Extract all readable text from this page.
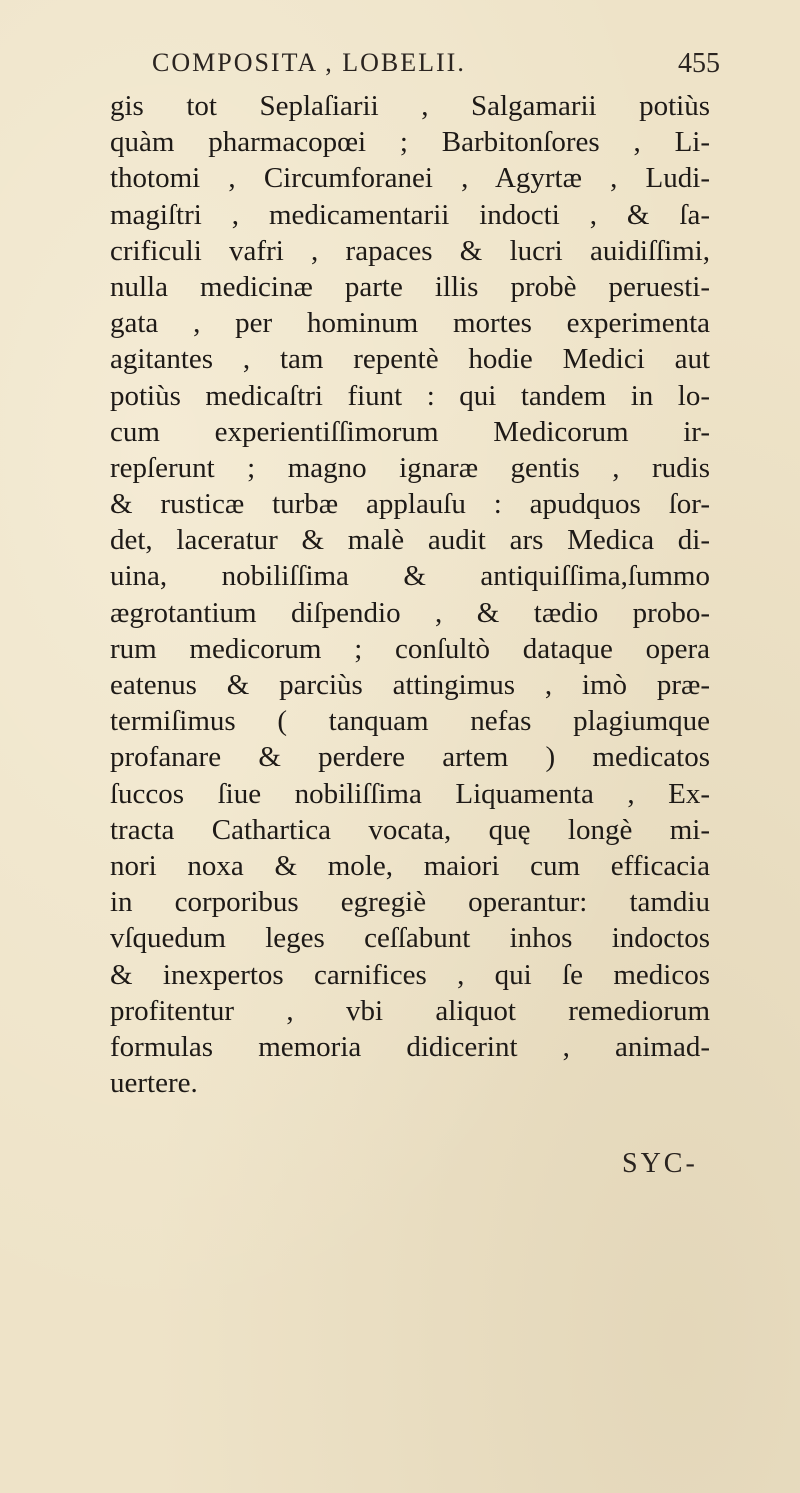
COMPOSITA , LOBELII.	455
gis tot Seplaſiarii , Salgamarii potiùs
quàm pharmacopœi ; Barbitonſores , Li-
thotomi , Circumforanei , Agyrtæ , Ludi-
magiſtri , medicamentarii indocti , & ſa-
crificuli vafri , rapaces & lucri auidiſſimi,
nulla medicinæ parte illis probè peruesti-
gata , per hominum mortes experimenta
agitantes , tam repentè hodie Medici aut
potiùs medicaſtri fiunt : qui tandem in lo-
cum experientiſſimorum Medicorum ir-
repſerunt ; magno ignaræ gentis , rudis
& rusticæ turbæ applauſu : apudquos ſor-
det, laceratur & malè audit ars Medica di-
uina, nobiliſſima & antiquiſſima,ſummo
ægrotantium diſpendio , & tædio probo-
rum medicorum ; conſultò dataque opera
eatenus & parciùs attingimus , imò præ-
termiſimus ( tanquam nefas plagiumque
profanare & perdere artem ) medicatos
ſuccos ſiue nobiliſſima Liquamenta , Ex-
tracta Cathartica vocata, quę longè mi-
nori noxa & mole, maiori cum efficacia
in corporibus egregiè operantur: tamdiu
vſquedum leges ceſſabunt inhos indoctos
& inexpertos carnifices , qui ſe medicos
profitentur , vbi aliquot remediorum
formulas memoria didicerint , animad-
uertere.
SYC-
